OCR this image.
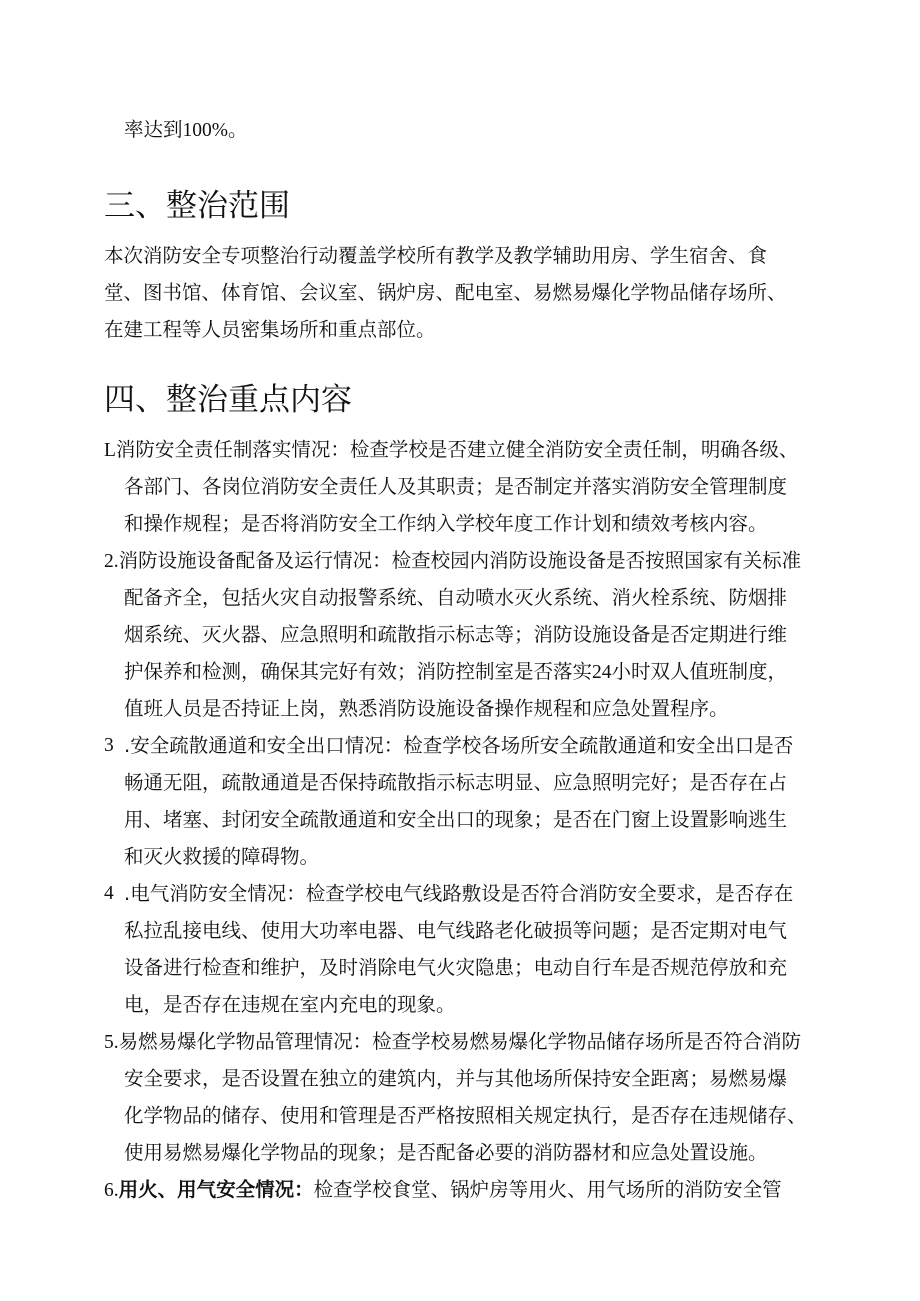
率达到100%。
三、整治范围
本次消防安全专项整治行动覆盖学校所有教学及教学辅助用房、学生宿舍、食
堂、图书馆、体育馆、会议室、锅炉房、配电室、易燃易爆化学物品储存场所、
在建工程等人员密集场所和重点部位。
四、整治重点内容
L消防安全责任制落实情况：检查学校是否建立健全消防安全责任制，明确各级、
各部门、各岗位消防安全责任人及其职责；是否制定并落实消防安全管理制度
和操作规程；是否将消防安全工作纳入学校年度工作计划和绩效考核内容。
2.消防设施设备配备及运行情况：检查校园内消防设施设备是否按照国家有关标准
配备齐全，包括火灾自动报警系统、自动喷水灭火系统、消火栓系统、防烟排
烟系统、灭火器、应急照明和疏散指示标志等；消防设施设备是否定期进行维
护保养和检测，确保其完好有效；消防控制室是否落实24小时双人值班制度，
值班人员是否持证上岗，熟悉消防设施设备操作规程和应急处置程序。
3 .安全疏散通道和安全出口情况：检查学校各场所安全疏散通道和安全出口是否
畅通无阻，疏散通道是否保持疏散指示标志明显、应急照明完好；是否存在占
用、堵塞、封闭安全疏散通道和安全出口的现象；是否在门窗上设置影响逃生
和灭火救援的障碍物。
4 .电气消防安全情况：检查学校电气线路敷设是否符合消防安全要求，是否存在
私拉乱接电线、使用大功率电器、电气线路老化破损等问题；是否定期对电气
设备进行检查和维护，及时消除电气火灾隐患；电动自行车是否规范停放和充
电，是否存在违规在室内充电的现象。
5.易燃易爆化学物品管理情况：检查学校易燃易爆化学物品储存场所是否符合消防
安全要求，是否设置在独立的建筑内，并与其他场所保持安全距离；易燃易爆
化学物品的储存、使用和管理是否严格按照相关规定执行，是否存在违规储存、
使用易燃易爆化学物品的现象；是否配备必要的消防器材和应急处置设施。
6.用火、用气安全情况：检查学校食堂、锅炉房等用火、用气场所的消防安全管
